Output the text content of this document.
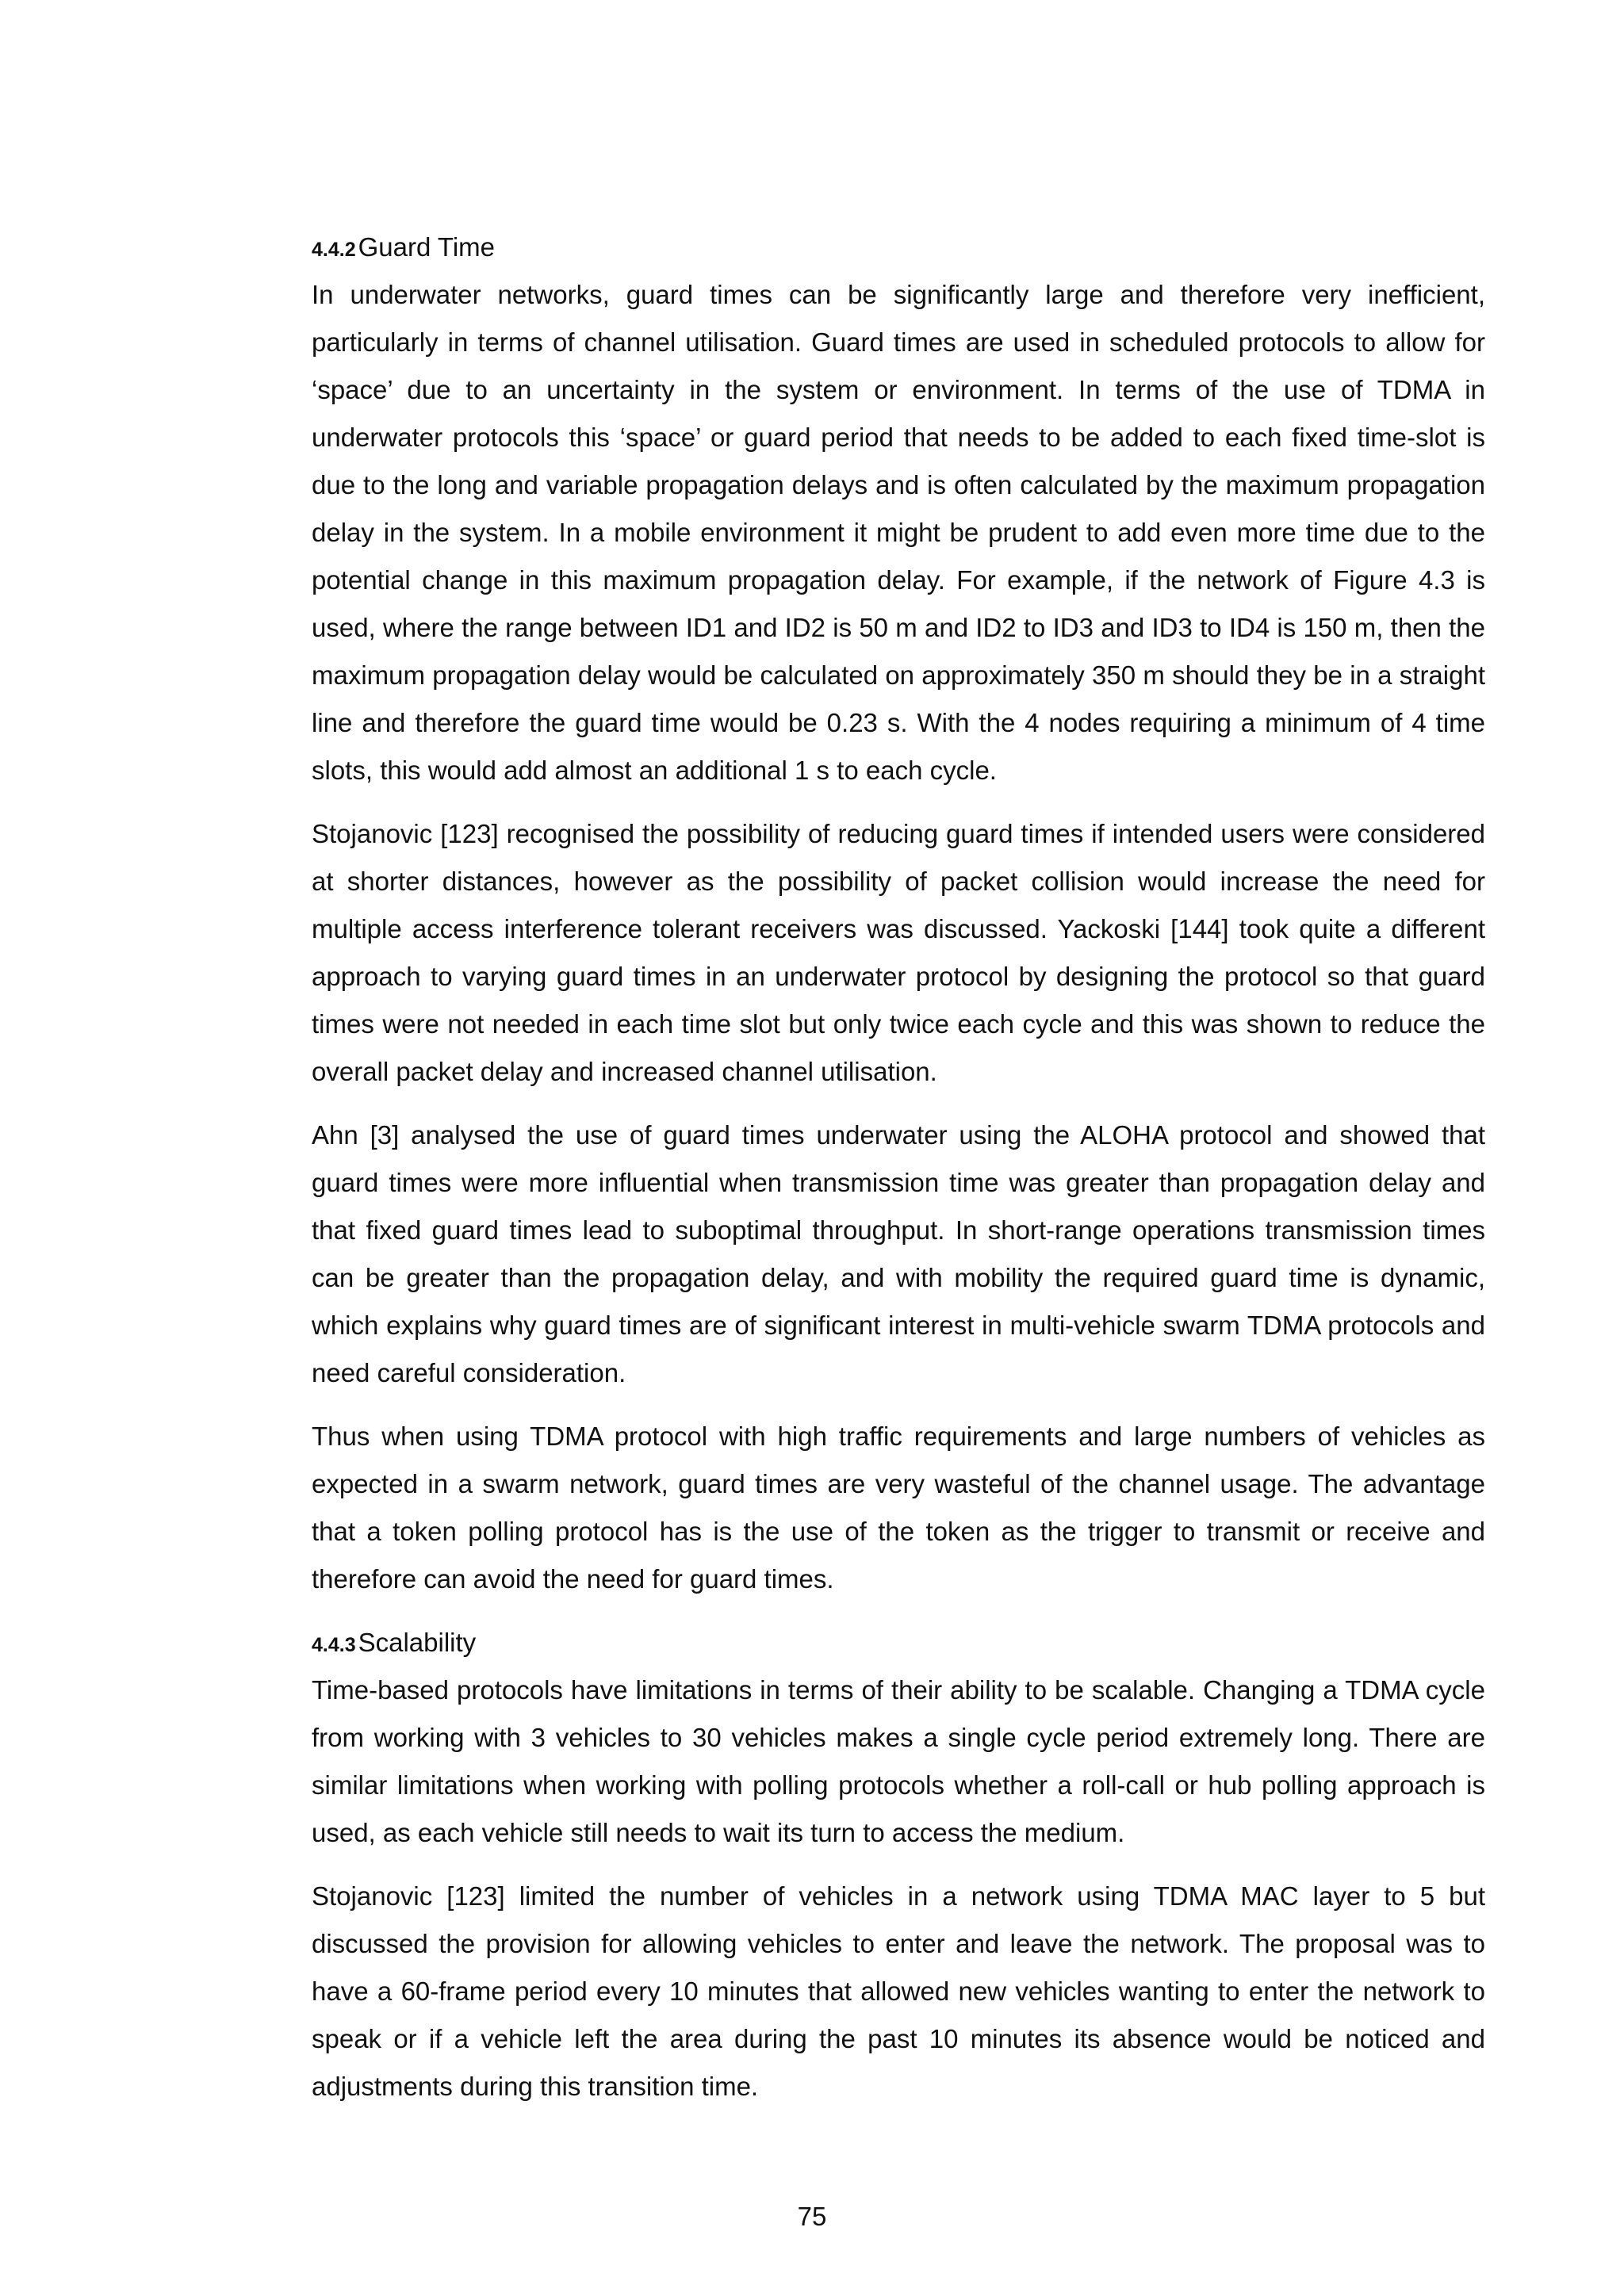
4.4.2Guard Time

In underwater networks, guard times can be significantly large and therefore very inefficient, particularly in terms of channel utilisation. Guard times are used in scheduled protocols to allow for ‘space’ due to an uncertainty in the system or environment. In terms of the use of TDMA in underwater protocols this ‘space’ or guard period that needs to be added to each fixed time-slot is due to the long and variable propagation delays and is often calculated by the maximum propagation delay in the system. In a mobile environment it might be prudent to add even more time due to the potential change in this maximum propagation delay. For example, if the network of Figure 4.3 is used, where the range between ID1 and ID2 is 50 m and ID2 to ID3 and ID3 to ID4 is 150 m, then the maximum propagation delay would be calculated on approximately 350 m should they be in a straight line and therefore the guard time would be 0.23 s. With the 4 nodes requiring a minimum of 4 time slots, this would add almost an additional 1 s to each cycle.

Stojanovic [123] recognised the possibility of reducing guard times if intended users were considered at shorter distances, however as the possibility of packet collision would increase the need for multiple access interference tolerant receivers was discussed. Yackoski [144] took quite a different approach to varying guard times in an underwater protocol by designing the protocol so that guard times were not needed in each time slot but only twice each cycle and this was shown to reduce the overall packet delay and increased channel utilisation.

Ahn [3] analysed the use of guard times underwater using the ALOHA protocol and showed that guard times were more influential when transmission time was greater than propagation delay and that fixed guard times lead to suboptimal throughput. In short-range operations transmission times can be greater than the propagation delay, and with mobility the required guard time is dynamic, which explains why guard times are of significant interest in multi-vehicle swarm TDMA protocols and need careful consideration.

Thus when using TDMA protocol with high traffic requirements and large numbers of vehicles as expected in a swarm network, guard times are very wasteful of the channel usage. The advantage that a token polling protocol has is the use of the token as the trigger to transmit or receive and therefore can avoid the need for guard times.

4.4.3Scalability

Time-based protocols have limitations in terms of their ability to be scalable. Changing a TDMA cycle from working with 3 vehicles to 30 vehicles makes a single cycle period extremely long. There are similar limitations when working with polling protocols whether a roll-call or hub polling approach is used, as each vehicle still needs to wait its turn to access the medium.

Stojanovic [123] limited the number of vehicles in a network using TDMA MAC layer to 5 but discussed the provision for allowing vehicles to enter and leave the network. The proposal was to have a 60-frame period every 10 minutes that allowed new vehicles wanting to enter the network to speak or if a vehicle left the area during the past 10 minutes its absence would be noticed and adjustments during this transition time.

75
